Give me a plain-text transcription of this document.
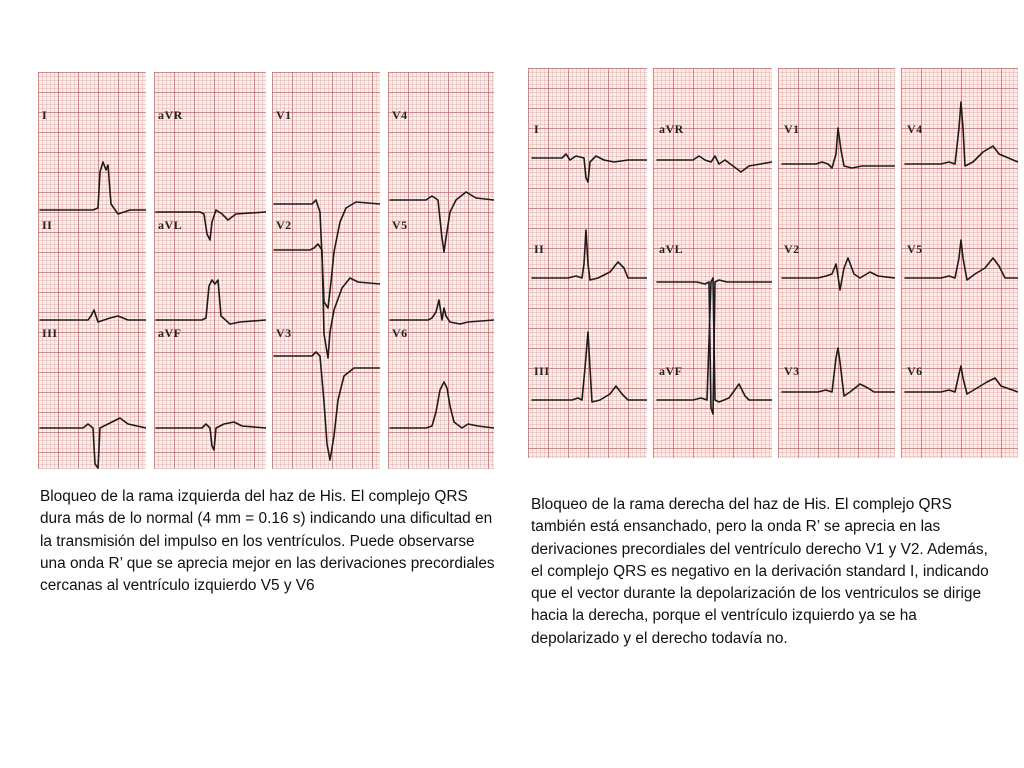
I
II
III
aVR
aVL
aVF
V1
V2
V3
V4
V5
V6

Bloqueo de la rama izquierda del haz de His. El complejo QRS dura más de lo normal (4 mm = 0.16 s) indicando una dificultad en la transmisión del impulso en los ventrículos. Puede observarse una onda R’ que se aprecia mejor en las derivaciones precordiales cercanas al ventrículo izquierdo V5 y V6

I
II
III
aVR
aVL
aVF
V1
V2
V3
V4
V5
V6

Bloqueo de la rama derecha del haz de His. El complejo QRS también está ensanchado, pero la onda R’ se aprecia en las derivaciones precordiales del ventrículo derecho V1 y V2. Además, el complejo QRS es negativo en la derivación standard I, indicando que el vector durante la depolarización de los ventriculos se dirige hacia la derecha, porque el ventrículo izquierdo ya se ha depolarizado y el derecho todavía no.
